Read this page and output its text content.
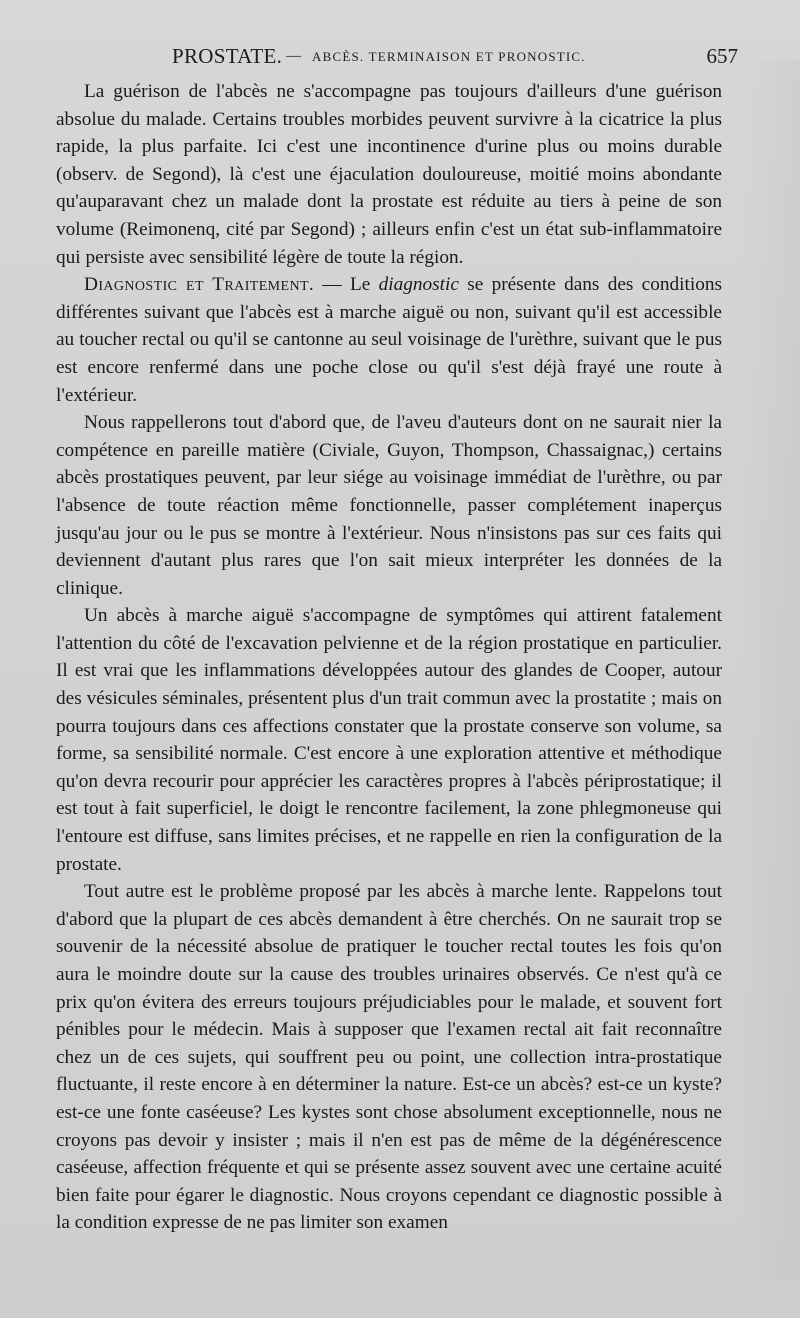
PROSTATE. — ABCÈS. TERMINAISON ET PRONOSTIC.	657

La guérison de l'abcès ne s'accompagne pas toujours d'ailleurs d'une guérison absolue du malade. Certains troubles morbides peuvent survivre à la cicatrice la plus rapide, la plus parfaite. Ici c'est une incontinence d'urine plus ou moins durable (observ. de Segond), là c'est une éjaculation douloureuse, moitié moins abondante qu'auparavant chez un malade dont la prostate est réduite au tiers à peine de son volume (Reimonenq, cité par Segond) ; ailleurs enfin c'est un état sub-inflammatoire qui persiste avec sensibilité légère de toute la région.

Diagnostic et Traitement. — Le diagnostic se présente dans des conditions différentes suivant que l'abcès est à marche aiguë ou non, suivant qu'il est accessible au toucher rectal ou qu'il se cantonne au seul voisinage de l'urèthre, suivant que le pus est encore renfermé dans une poche close ou qu'il s'est déjà frayé une route à l'extérieur.

Nous rappellerons tout d'abord que, de l'aveu d'auteurs dont on ne saurait nier la compétence en pareille matière (Civiale, Guyon, Thompson, Chassaignac,) certains abcès prostatiques peuvent, par leur siége au voisinage immédiat de l'urèthre, ou par l'absence de toute réaction même fonctionnelle, passer complétement inaperçus jusqu'au jour ou le pus se montre à l'extérieur. Nous n'insistons pas sur ces faits qui deviennent d'autant plus rares que l'on sait mieux interpréter les données de la clinique.

Un abcès à marche aiguë s'accompagne de symptômes qui attirent fatalement l'attention du côté de l'excavation pelvienne et de la région prostatique en particulier. Il est vrai que les inflammations développées autour des glandes de Cooper, autour des vésicules séminales, présentent plus d'un trait commun avec la prostatite ; mais on pourra toujours dans ces affections constater que la prostate conserve son volume, sa forme, sa sensibilité normale. C'est encore à une exploration attentive et méthodique qu'on devra recourir pour apprécier les caractères propres à l'abcès périprostatique; il est tout à fait superficiel, le doigt le rencontre facilement, la zone phlegmoneuse qui l'entoure est diffuse, sans limites précises, et ne rappelle en rien la configuration de la prostate.

Tout autre est le problème proposé par les abcès à marche lente. Rappelons tout d'abord que la plupart de ces abcès demandent à être cherchés. On ne saurait trop se souvenir de la nécessité absolue de pratiquer le toucher rectal toutes les fois qu'on aura le moindre doute sur la cause des troubles urinaires observés. Ce n'est qu'à ce prix qu'on évitera des erreurs toujours préjudiciables pour le malade, et souvent fort pénibles pour le médecin. Mais à supposer que l'examen rectal ait fait reconnaître chez un de ces sujets, qui souffrent peu ou point, une collection intra-prostatique fluctuante, il reste encore à en déterminer la nature. Est-ce un abcès? est-ce un kyste? est-ce une fonte caséeuse? Les kystes sont chose absolument exceptionnelle, nous ne croyons pas devoir y insister ; mais il n'en est pas de même de la dégénérescence caséeuse, affection fréquente et qui se présente assez souvent avec une certaine acuité bien faite pour égarer le diagnostic. Nous croyons cependant ce diagnostic possible à la condition expresse de ne pas limiter son examen
